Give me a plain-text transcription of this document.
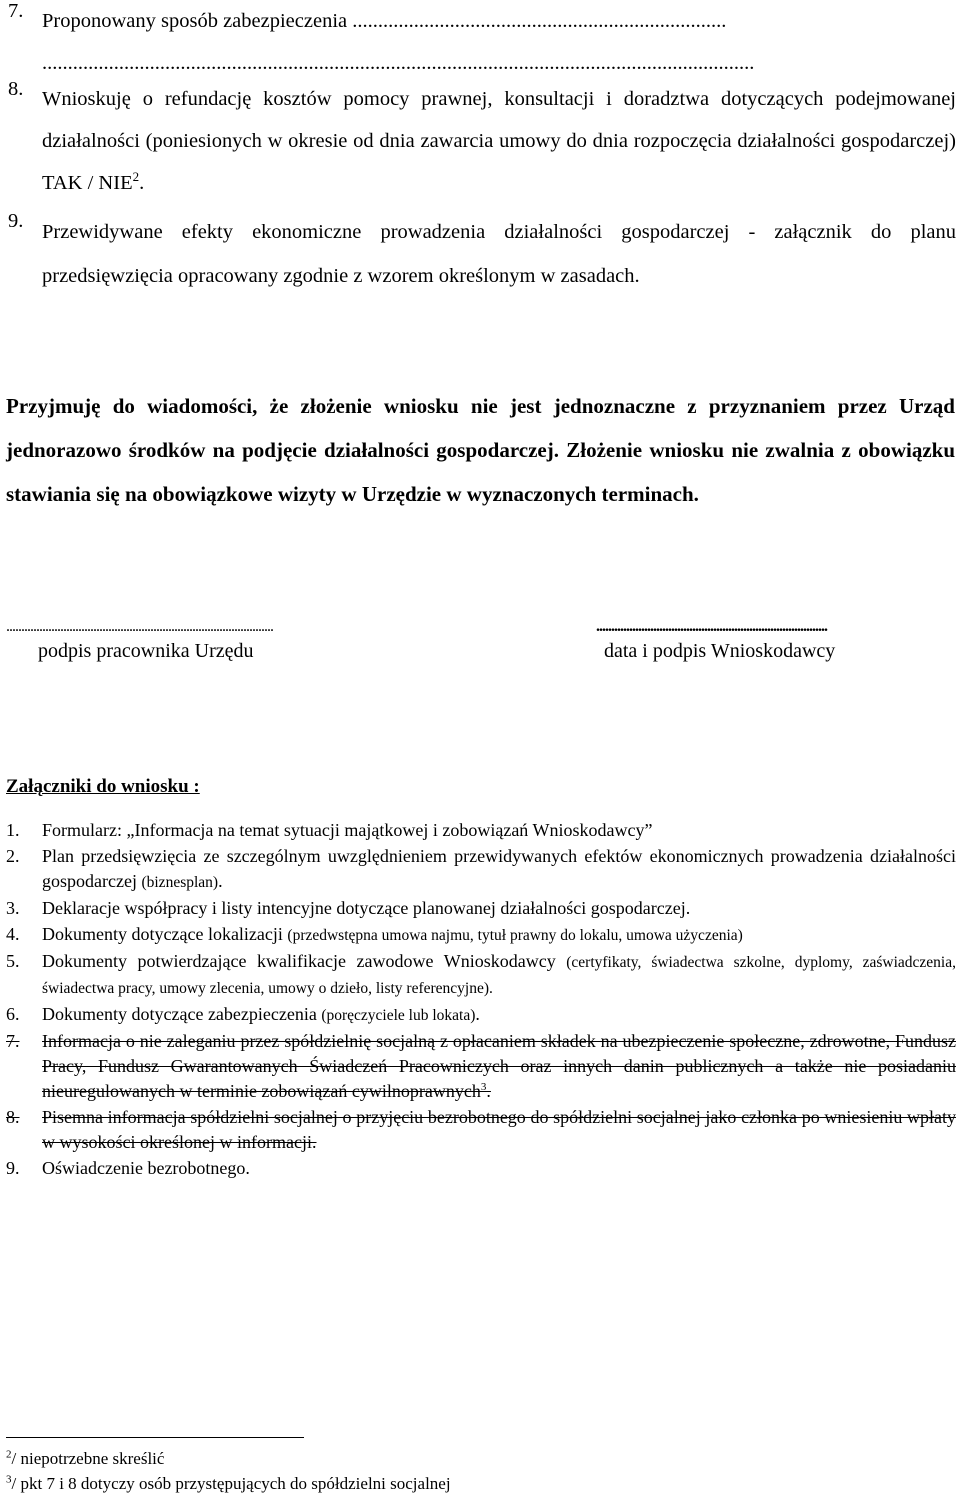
7. Proponowany sposób zabezpieczenia .........................................................................
...........................................................................................................................................
8. Wnioskuję o refundację kosztów pomocy prawnej, konsultacji i doradztwa dotyczących podejmowanej działalności (poniesionych w okresie od dnia zawarcia umowy do dnia rozpoczęcia działalności gospodarczej) TAK / NIE$^2$.
9. Przewidywane efekty ekonomiczne prowadzenia działalności gospodarczej - załącznik do planu przedsięwzięcia opracowany zgodnie z wzorem określonym w zasadach.
Przyjmuję do wiadomości, że złożenie wniosku nie jest jednoznaczne z przyznaniem przez Urząd jednorazowo środków na podjęcie działalności gospodarczej. Złożenie wniosku nie zwalnia z obowiązku stawiania się na obowiązkowe wizyty w Urzędzie w wyznaczonych terminach.
.........................................................................................
podpis pracownika Urzędu
.............................................................................
data i podpis Wnioskodawcy
Załączniki do wniosku :
1. Formularz: „Informacja na temat sytuacji majątkowej i zobowiązań Wnioskodawcy”
2. Plan przedsięwzięcia ze szczególnym uwzględnieniem przewidywanych efektów ekonomicznych prowadzenia działalności gospodarczej (biznesplan).
3. Deklaracje współpracy i listy intencyjne dotyczące planowanej działalności gospodarczej.
4. Dokumenty dotyczące lokalizacji (przedwstępna umowa najmu, tytuł prawny do lokalu, umowa użyczenia)
5. Dokumenty potwierdzające kwalifikacje zawodowe Wnioskodawcy (certyfikaty, świadectwa szkolne, dyplomy, zaświadczenia, świadectwa pracy, umowy zlecenia, umowy o dzieło, listy referencyjne).
6. Dokumenty dotyczące zabezpieczenia (poręczyciele lub lokata).
7. Informacja o nie zaleganiu przez spółdzielnię socjalną z opłacaniem składek na ubezpieczenie społeczne, zdrowotne, Fundusz Pracy, Fundusz Gwarantowanych Świadczeń Pracowniczych oraz innych danin publicznych a także nie posiadaniu nieuregulowanych w terminie zobowiązań cywilnoprawnych$^3$.
8. Pisemna informacja spółdzielni socjalnej o przyjęciu bezrobotnego do spółdzielni socjalnej jako członka po wniesieniu wpłaty w wysokości określonej w informacji.
9. Oświadczenie bezrobotnego.
$^2$/ niepotrzebne skreślić
$^3$/ pkt 7 i 8 dotyczy osób przystępujących do spółdzielni socjalnej
